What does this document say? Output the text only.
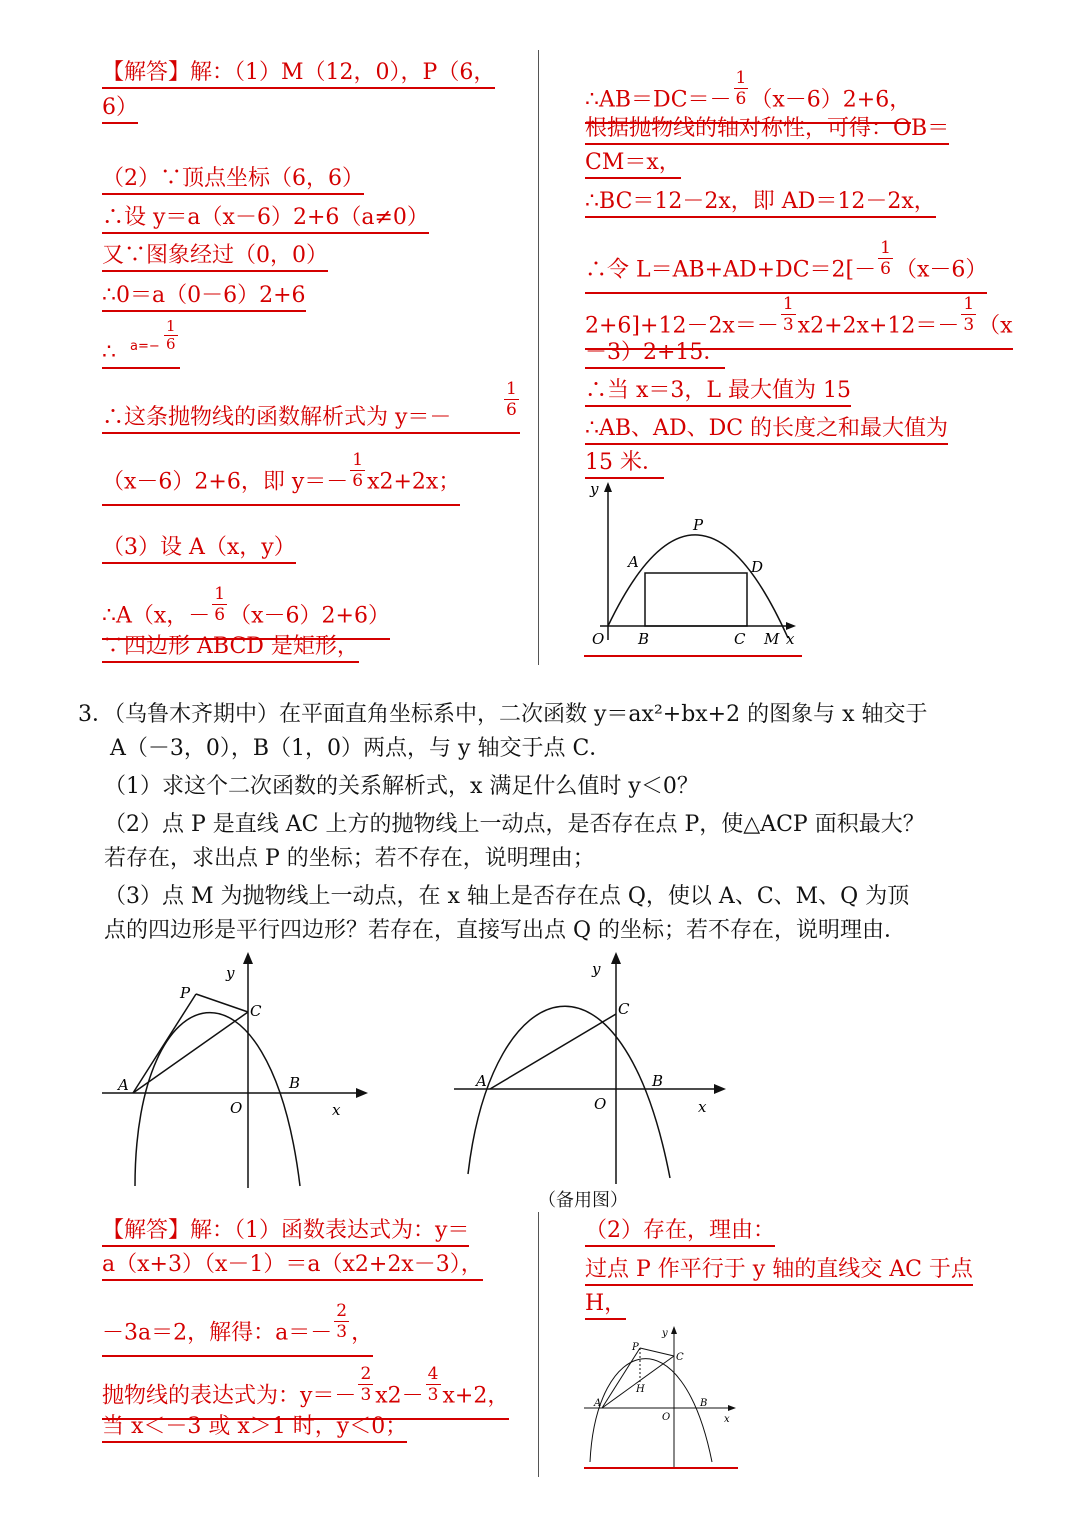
【解答】解：（1）M（12，0），P（6，
6）
（2）∵顶点坐标（6，6）
∴设 y＝a（x－6）2+6（a≠0）
又∵图象经过（0，0）
∴0＝a（0－6）2+6
∴ $a=- \frac{1}{6}$
∴这条抛物线的函数解析式为 y＝－	$\frac{1}{6}$
（x－6）2+6，即 $y=- \frac{1}{6} x2+2x$；
（3）设 A（x，y）
∴A（x，－ $\frac{1}{6} (x-6)2+6$）
∵四边形 ABCD 是矩形，
∴AB＝DC＝－ $\frac{1}{6} (x-6)2+6$，
根据抛物线的轴对称性，可得：OB＝
CM＝x，
∴BC＝12－2x，即 AD＝12－2x，
∴令 $L=AB+AD+DC=2[- \frac{1}{6} (x-6)$
$2+6]+12-2x=- \frac{1}{3} x2+2x+12=- \frac{1}{3} (x$
－3）2+15．
∴当 x＝3，L 最大值为 15
∴AB、AD、DC 的长度之和最大值为
15 米．
y
P
A	D
O B	C M x
3．（乌鲁木齐期中）在平面直角坐标系中，二次函数 y＝ax²+bx+2 的图象与 x 轴交于
A（－3，0），B（1，0）两点，与 y 轴交于点 C．
（1）求这个二次函数的关系解析式，x 满足什么值时 y＜0？
（2）点 P 是直线 AC 上方的抛物线上一动点，是否存在点 P，使△ACP 面积最大？
若存在，求出点 P 的坐标；若不存在，说明理由；
（3）点 M 为抛物线上一动点，在 x 轴上是否存在点 Q，使以 A、C、M、Q 为顶
点的四边形是平行四边形？若存在，直接写出点 Q 的坐标；若不存在，说明理由．
y
P
C
A	B
O	x
y
C
A	B
O	x
（备用图）
【解答】解：（1）函数表达式为：y＝
a（x+3）（x－1）＝a（x2+2x－3），
－3a＝2，解得：$a=- \frac{2}{3}$ ，
抛物线的表达式为：$y=- \frac{2}{3} x2- \frac{4}{3} x+2$，
当 x＜－3 或 x＞1 时，y＜0；
（2）存在，理由：
过点 P 作平行于 y 轴的直线交 AC 于点
H，
y
P
C
H
A	B
O	x
